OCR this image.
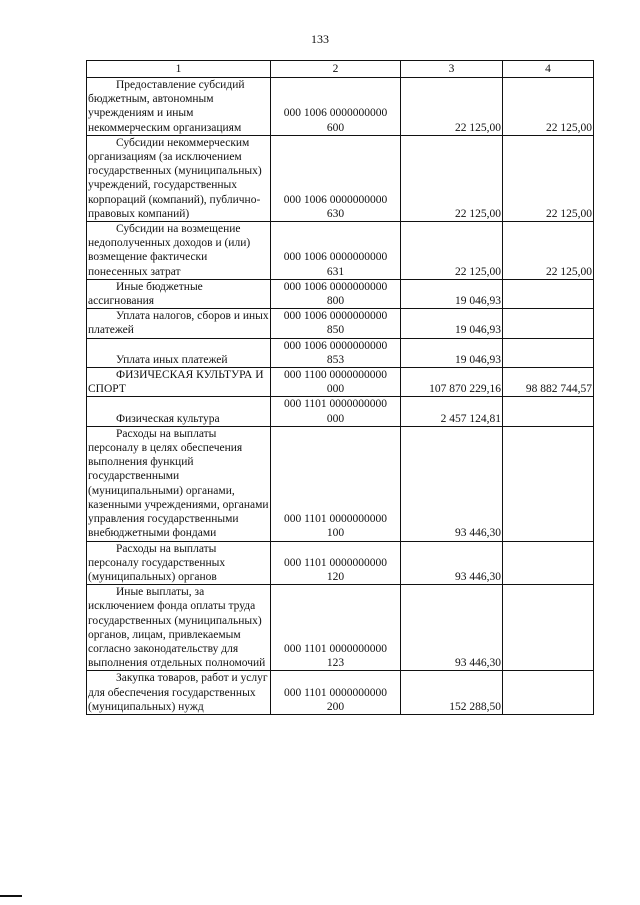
133
1	2	3	4

Предоставление субсидий бюджетным, автономным учреждениям и иным некоммерческим организациям	000 1006 0000000000
600	22 125,00	22 125,00

Субсидии некоммерческим организациям (за исключением государственных (муниципальных) учреждений, государственных корпораций (компаний), публично-правовых компаний)	000 1006 0000000000
630	22 125,00	22 125,00

Субсидии на возмещение недополученных доходов и (или) возмещение фактически понесенных затрат	000 1006 0000000000
631	22 125,00	22 125,00

Иные бюджетные ассигнования	000 1006 0000000000
800	19 046,93	

Уплата налогов, сборов и иных платежей	000 1006 0000000000
850	19 046,93	

Уплата иных платежей	000 1006 0000000000
853	19 046,93	

ФИЗИЧЕСКАЯ КУЛЬТУРА И СПОРТ	000 1100 0000000000
000	107 870 229,16	98 882 744,57

Физическая культура	000 1101 0000000000
000	2 457 124,81	

Расходы на выплаты персоналу в целях обеспечения выполнения функций государственными (муниципальными) органами, казенными учреждениями, органами управления государственными внебюджетными фондами	000 1101 0000000000
100	93 446,30	

Расходы на выплаты персоналу государственных (муниципальных) органов	000 1101 0000000000
120	93 446,30	

Иные выплаты, за исключением фонда оплаты труда государственных (муниципальных) органов, лицам, привлекаемым согласно законодательству для выполнения отдельных полномочий	000 1101 0000000000
123	93 446,30	

Закупка товаров, работ и услуг для обеспечения государственных (муниципальных) нужд	000 1101 0000000000
200	152 288,50	
